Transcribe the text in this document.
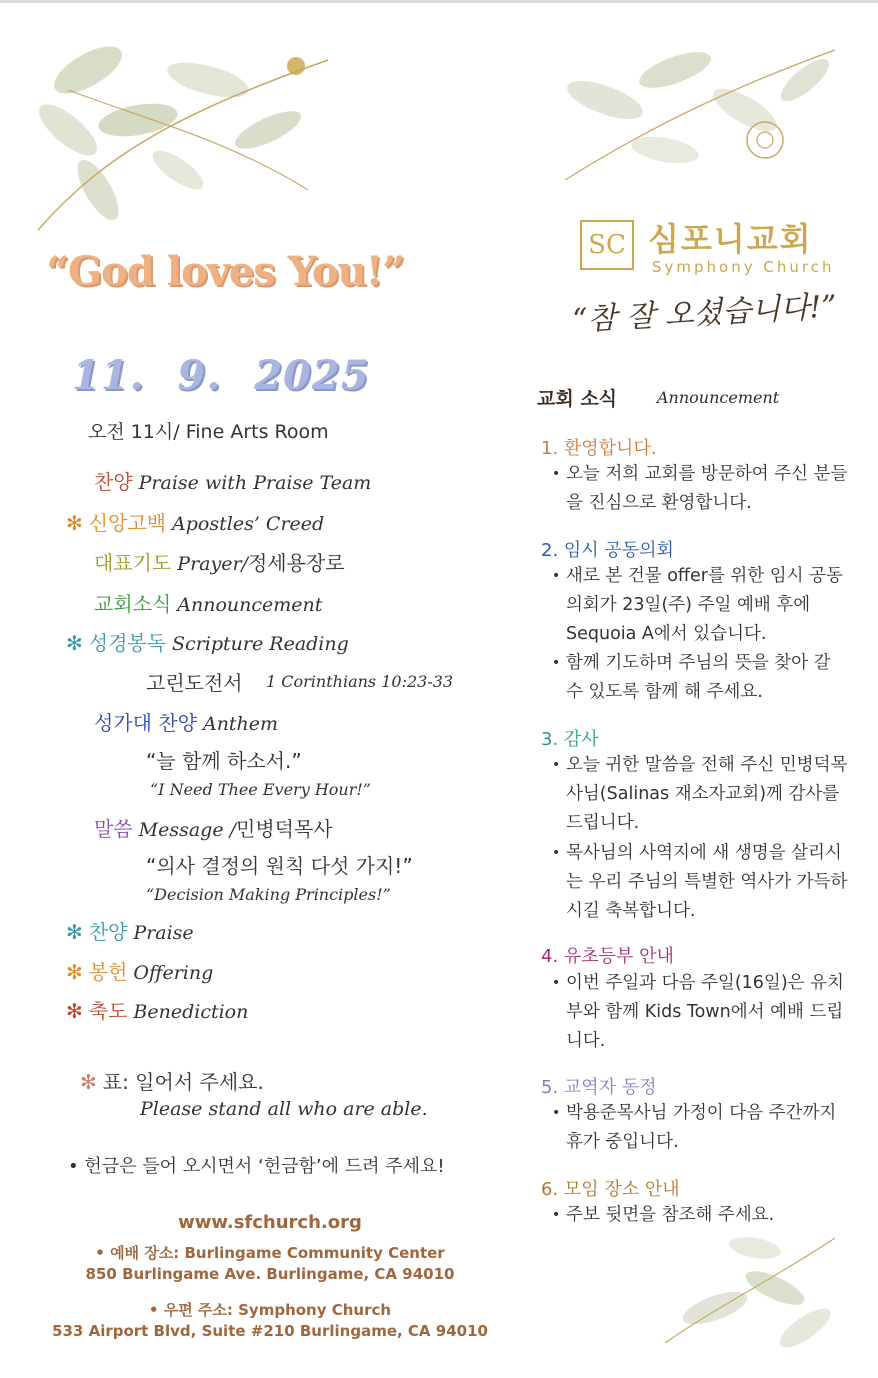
“God loves You!”
11. 9. 2025
오전 11시/ Fine Arts Room
찬양 Praise with Praise Team
✻ 신앙고백 Apostles’ Creed
대표기도 Prayer/정세용장로
교회소식 Announcement
✻ 성경봉독 Scripture Reading
고린도전서 1 Corinthians 10:23-33
성가대 찬양 Anthem
“늘 함께 하소서.”
“I Need Thee Every Hour!”
말씀 Message /민병덕목사
“의사 결정의 원칙 다섯 가지!”
“Decision Making Principles!”
✻ 찬양 Praise
✻ 봉헌 Offering
✻ 축도 Benediction
✻ 표: 일어서 주세요.
Please stand all who are able.
• 헌금은 들어 오시면서 ‘헌금함’에 드려 주세요!
www.sfchurch.org
• 예배 장소: Burlingame Community Center
850 Burlingame Ave. Burlingame, CA 94010
• 우편 주소: Symphony Church
533 Airport Blvd, Suite #210 Burlingame, CA 94010
SC 심포니교회
Symphony Church
“참 잘 오셨습니다!”
교회 소식 Announcement
1. 환영합니다.
• 오늘 저희 교회를 방문하여 주신 분들을 진심으로 환영합니다.
2. 임시 공동의회
• 새로 본 건물 offer를 위한 임시 공동의회가 23일(주) 주일 예배 후에 Sequoia A에서 있습니다.
• 함께 기도하며 주님의 뜻을 찾아 갈 수 있도록 함께 해 주세요.
3. 감사
• 오늘 귀한 말씀을 전해 주신 민병덕목사님(Salinas 재소자교회)께 감사를 드립니다.
• 목사님의 사역지에 새 생명을 살리시는 우리 주님의 특별한 역사가 가득하시길 축복합니다.
4. 유초등부 안내
• 이번 주일과 다음 주일(16일)은 유치부와 함께 Kids Town에서 예배 드립니다.
5. 교역자 동정
• 박용준목사님 가정이 다음 주간까지 휴가 중입니다.
6. 모임 장소 안내
• 주보 뒷면을 참조해 주세요.
